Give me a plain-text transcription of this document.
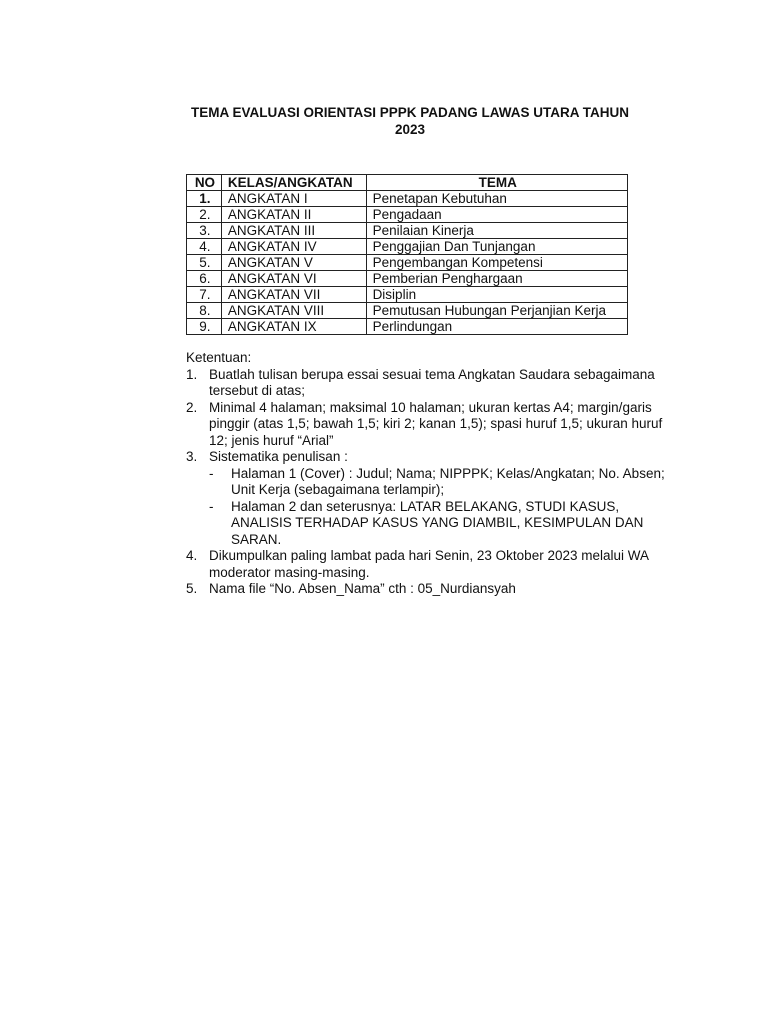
TEMA EVALUASI ORIENTASI PPPK PADANG LAWAS UTARA TAHUN
2023
NO	KELAS/ANGKATAN	TEMA
1.	ANGKATAN I	Penetapan Kebutuhan
2.	ANGKATAN II	Pengadaan
3.	ANGKATAN III	Penilaian Kinerja
4.	ANGKATAN IV	Penggajian Dan Tunjangan
5.	ANGKATAN V	Pengembangan Kompetensi
6.	ANGKATAN VI	Pemberian Penghargaan
7.	ANGKATAN VII	Disiplin
8.	ANGKATAN VIII	Pemutusan Hubungan Perjanjian Kerja
9.	ANGKATAN IX	Perlindungan

Ketentuan:

1. Buatlah tulisan berupa essai sesuai tema Angkatan Saudara sebagaimana tersebut di atas;
2. Minimal 4 halaman; maksimal 10 halaman; ukuran kertas A4; margin/garis pinggir (atas 1,5; bawah 1,5; kiri 2; kanan 1,5); spasi huruf 1,5; ukuran huruf 12; jenis huruf “Arial”
3. Sistematika penulisan :
- Halaman 1 (Cover) : Judul; Nama; NIPPPK; Kelas/Angkatan; No. Absen; Unit Kerja (sebagaimana terlampir);
- Halaman 2 dan seterusnya: LATAR BELAKANG, STUDI KASUS, ANALISIS TERHADAP KASUS YANG DIAMBIL, KESIMPULAN DAN SARAN.
4. Dikumpulkan paling lambat pada hari Senin, 23 Oktober 2023 melalui WA moderator masing-masing.
5. Nama file “No. Absen_Nama” cth : 05_Nurdiansyah
